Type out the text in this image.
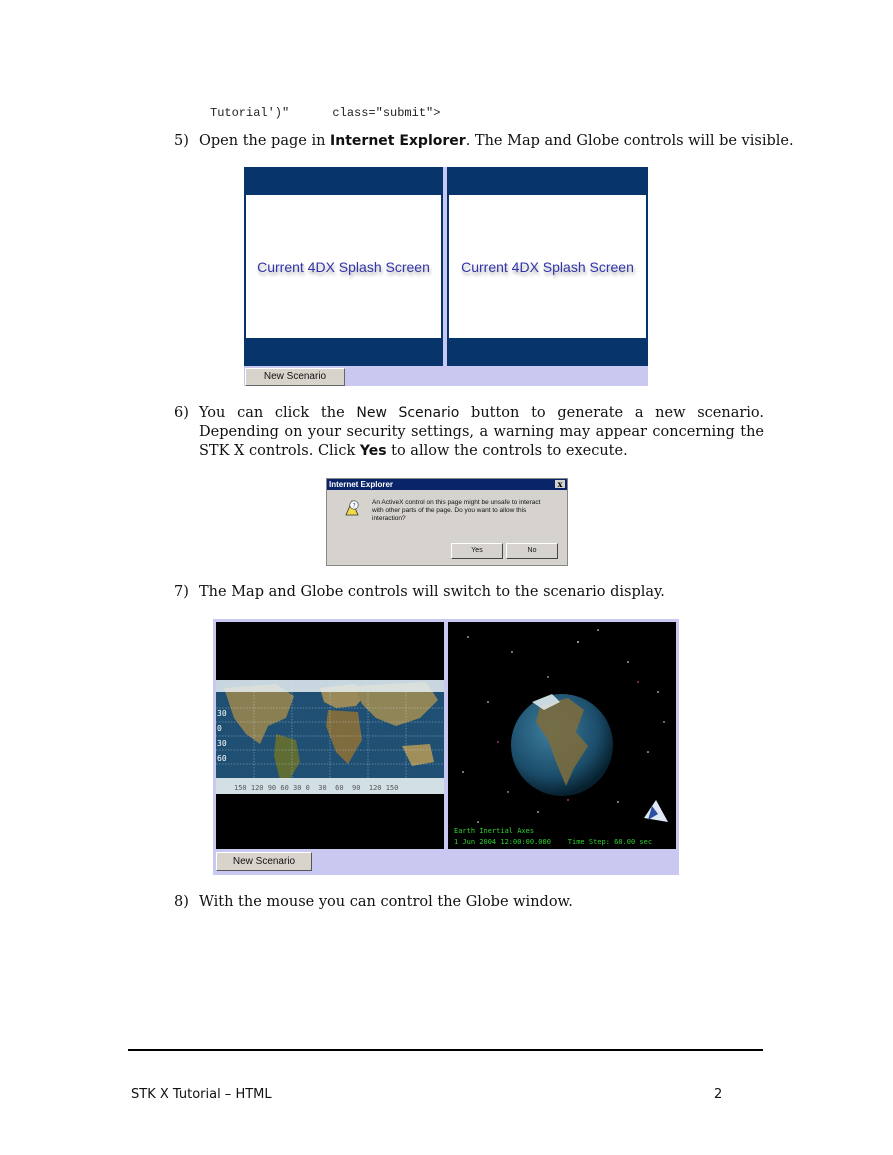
Tutorial')"      class="submit">
5) Open the page in Internet Explorer. The Map and Globe controls will be visible.
Current 4DX Splash Screen Current 4DX Splash Screen
New Scenario
6) You can click the New Scenario button to generate a new scenario. Depending on your security settings, a warning may appear concerning the STK X controls. Click Yes to allow the controls to execute.
Internet Explorer	x
?	An ActiveX control on this page might be unsafe to interact with other parts of the page. Do you want to allow this interaction?
Yes	No
7) The Map and Globe controls will switch to the scenario display.
30
0
30
60
150 120 90 60 30 0  30  60  90  120 150
Earth Inertial Axes
1 Jun 2004 12:00:00.000    Time Step: 60.00 sec
New Scenario
8) With the mouse you can control the Globe window.
STK X Tutorial – HTML	2
